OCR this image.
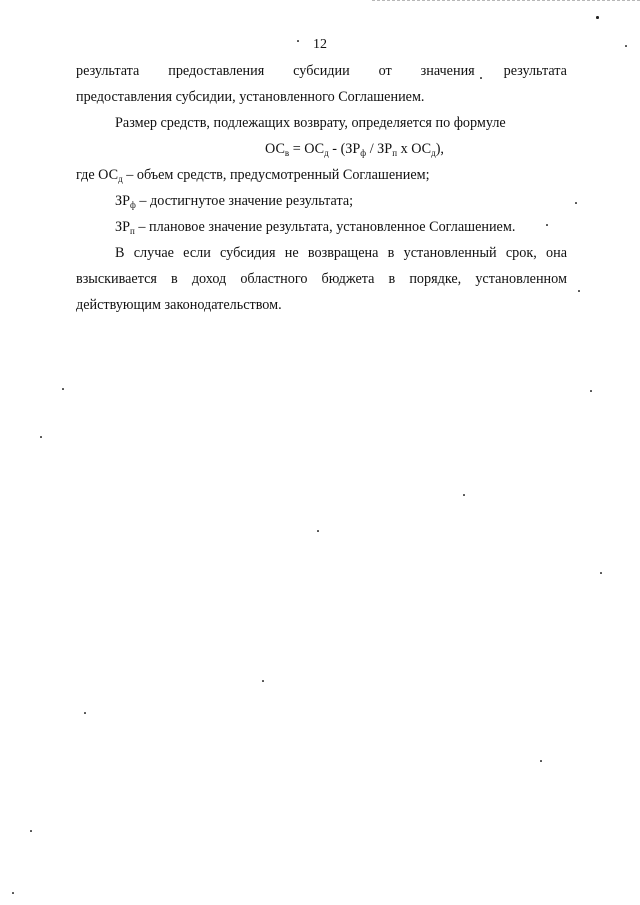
12
результата предоставления субсидии от значения результата
предоставления субсидии, установленного Соглашением.
Размер средств, подлежащих возврату, определяется по формуле
$ОС_в = ОС_д - (ЗР_ф / ЗР_п$ х $ОС_д$),
где $ОС_д$ – объем средств, предусмотренный Соглашением;
$ЗР_ф$ – достигнутое значение результата;
$ЗР_п$ – плановое значение результата, установленное Соглашением.
В случае если субсидия не возвращена в установленный срок, она
взыскивается в доход областного бюджета в порядке, установленном
действующим законодательством.
